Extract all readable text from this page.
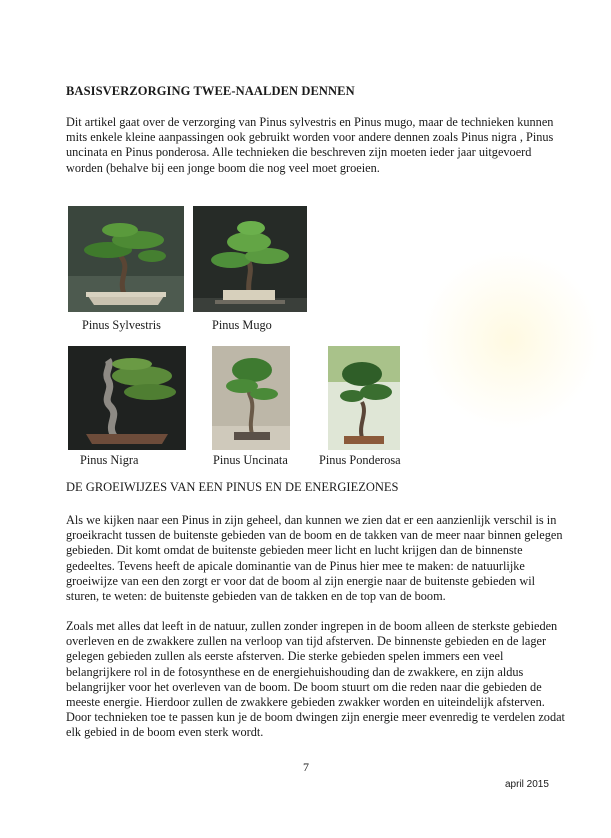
BASISVERZORGING TWEE-NAALDEN DENNEN

Dit artikel gaat over de verzorging van Pinus sylvestris en Pinus mugo, maar de technieken kunnen mits enkele kleine aanpassingen ook gebruikt worden voor andere dennen zoals Pinus nigra , Pinus uncinata en Pinus ponderosa. Alle technieken die beschreven zijn moeten ieder jaar uitgevoerd worden (behalve bij een jonge boom die nog veel moet groeien.

Pinus Sylvestris	Pinus Mugo
Pinus Nigra	Pinus Uncinata	Pinus Ponderosa
DE GROEIWIJZES VAN EEN PINUS EN DE ENERGIEZONES

Als we kijken naar een Pinus in zijn geheel, dan kunnen we zien dat er een aanzienlijk verschil is in groeikracht tussen de buitenste gebieden van de boom en de takken van de meer naar binnen gelegen gebieden. Dit komt omdat de buitenste gebieden meer licht en lucht krijgen dan de binnenste gedeeltes. Tevens heeft de apicale dominantie van de Pinus hier mee te maken: de natuurlijke groeiwijze van een den zorgt er voor dat de boom al zijn energie naar de buitenste gebieden wil sturen, te weten: de buitenste gebieden van de takken en de top van de boom.

Zoals met alles dat leeft in de natuur, zullen zonder ingrepen in de boom alleen de sterkste gebieden overleven en de zwakkere zullen na verloop van tijd afsterven. De binnenste gebieden en de lager gelegen gebieden zullen als eerste afsterven. Die sterke gebieden spelen immers een veel belangrijkere rol in de fotosynthese en de energiehuishouding dan de zwakkere, en zijn aldus belangrijker voor het overleven van de boom. De boom stuurt om die reden naar die gebieden de meeste energie. Hierdoor zullen de zwakkere gebieden zwakker worden en uiteindelijk afsterven. Door technieken toe te passen kun je de boom dwingen zijn energie meer evenredig te verdelen zodat elk gebied in de boom even sterk wordt.

7
april 2015
